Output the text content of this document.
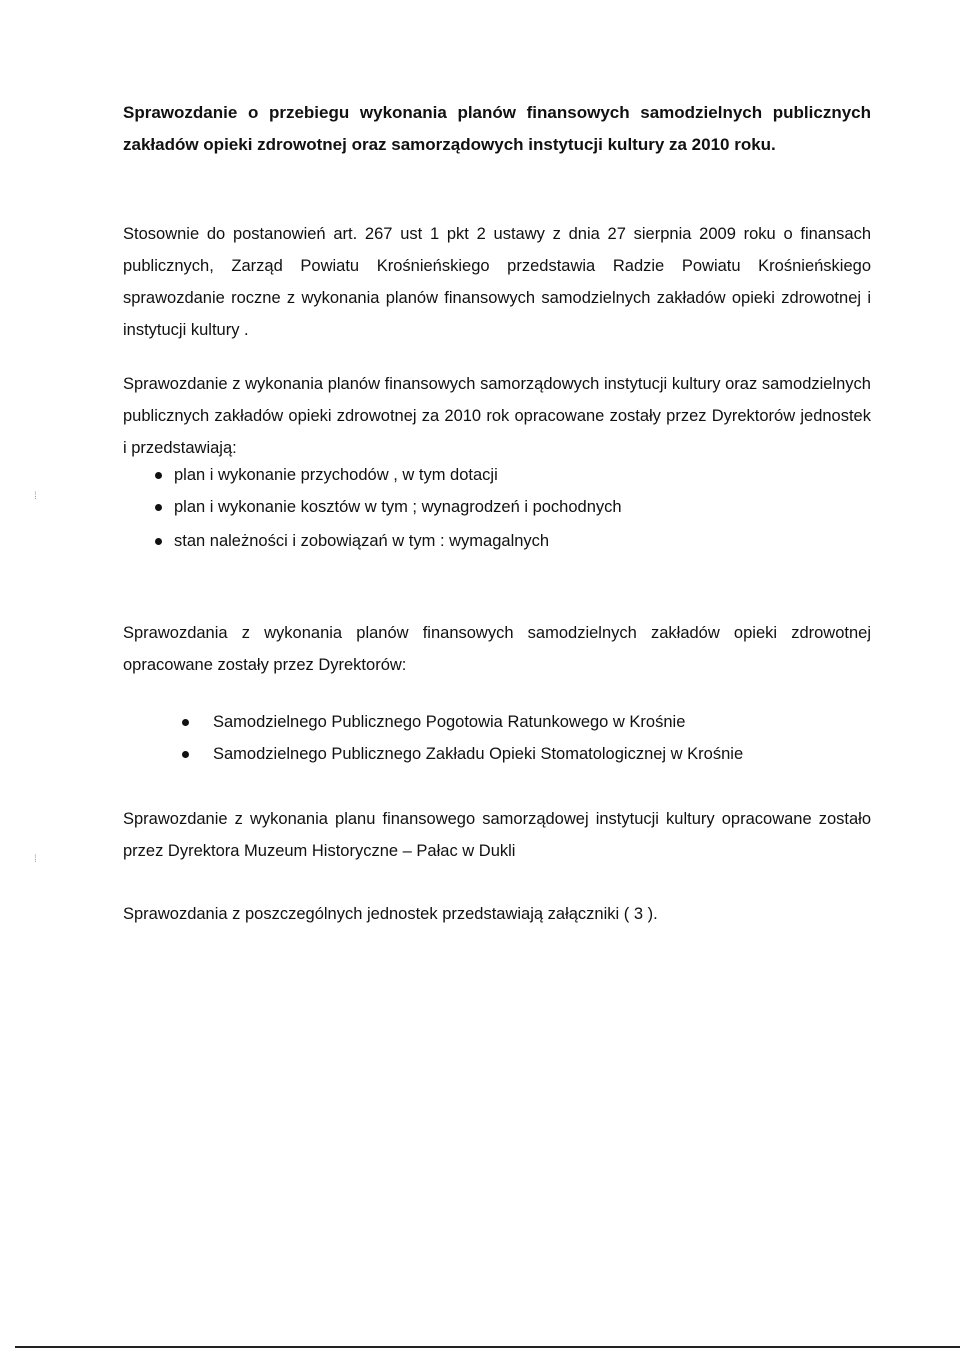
Sprawozdanie o przebiegu wykonania planów finansowych samodzielnych publicznych zakładów opieki zdrowotnej oraz samorządowych instytucji kultury za 2010 roku.

Stosownie do postanowień art. 267 ust 1 pkt 2 ustawy z dnia 27 sierpnia 2009 roku o finansach publicznych, Zarząd Powiatu Krośnieńskiego przedstawia Radzie Powiatu Krośnieńskiego sprawozdanie roczne z wykonania planów finansowych samodzielnych zakładów opieki zdrowotnej i instytucji kultury .

Sprawozdanie z wykonania planów finansowych samorządowych instytucji kultury oraz samodzielnych publicznych zakładów opieki zdrowotnej za 2010 rok opracowane zostały przez Dyrektorów jednostek i przedstawiają:

plan i wykonanie przychodów , w tym dotacji
plan i wykonanie kosztów w tym ; wynagrodzeń i pochodnych
stan należności i zobowiązań w tym : wymagalnych

Sprawozdania z wykonania planów finansowych samodzielnych zakładów opieki zdrowotnej opracowane zostały przez Dyrektorów:

Samodzielnego Publicznego Pogotowia Ratunkowego w Krośnie
Samodzielnego Publicznego Zakładu Opieki Stomatologicznej w Krośnie

Sprawozdanie z wykonania planu finansowego samorządowej instytucji kultury opracowane zostało przez Dyrektora Muzeum Historyczne – Pałac w Dukli

Sprawozdania z poszczególnych jednostek przedstawiają załączniki ( 3 ).

⁞
⁞
